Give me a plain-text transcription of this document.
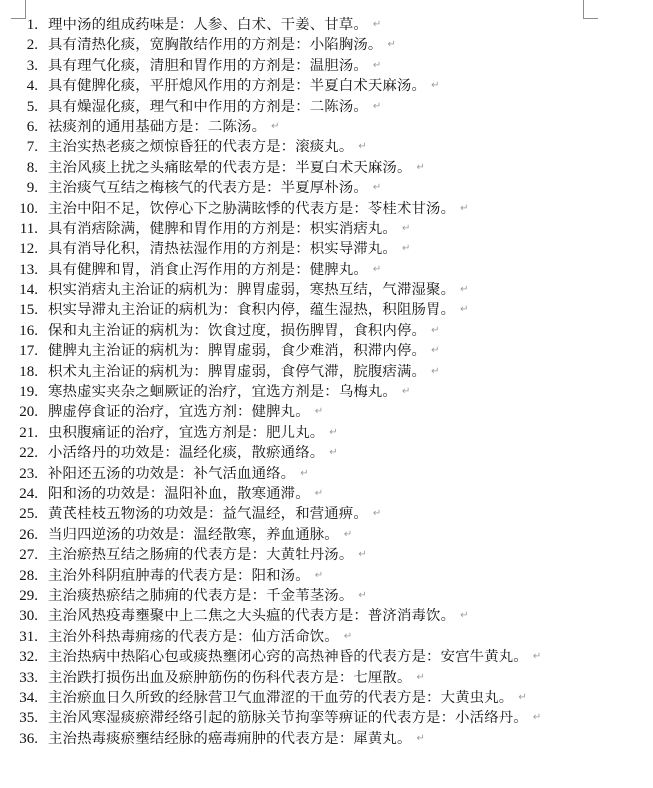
1. 理中汤的组成药味是：人参、白术、干姜、甘草。 ↵
2. 具有清热化痰，宽胸散结作用的方剂是：小陷胸汤。 ↵
3. 具有理气化痰，清胆和胃作用的方剂是：温胆汤。 ↵
4. 具有健脾化痰，平肝熄风作用的方剂是：半夏白术天麻汤。 ↵
5. 具有燥湿化痰，理气和中作用的方剂是：二陈汤。 ↵
6. 祛痰剂的通用基础方是：二陈汤。 ↵
7. 主治实热老痰之烦惊昏狂的代表方是：滚痰丸。 ↵
8. 主治风痰上扰之头痛眩晕的代表方是：半夏白术天麻汤。 ↵
9. 主治痰气互结之梅核气的代表方是：半夏厚朴汤。 ↵
10. 主治中阳不足，饮停心下之胁满眩悸的代表方是：苓桂术甘汤。 ↵
11. 具有消痞除满，健脾和胃作用的方剂是：枳实消痞丸。 ↵
12. 具有消导化积，清热祛湿作用的方剂是：枳实导滞丸。 ↵
13. 具有健脾和胃，消食止泻作用的方剂是：健脾丸。 ↵
14. 枳实消痞丸主治证的病机为：脾胃虚弱，寒热互结，气滞湿聚。 ↵
15. 枳实导滞丸主治证的病机为：食积内停，蕴生湿热，积阻肠胃。 ↵
16. 保和丸主治证的病机为：饮食过度，损伤脾胃，食积内停。 ↵
17. 健脾丸主治证的病机为：脾胃虚弱，食少难消，积滞内停。 ↵
18. 枳术丸主治证的病机为：脾胃虚弱，食停气滞，脘腹痞满。 ↵
19. 寒热虚实夹杂之蛔厥证的治疗，宜选方剂是：乌梅丸。 ↵
20. 脾虚停食证的治疗，宜选方剂：健脾丸。 ↵
21. 虫积腹痛证的治疗，宜选方剂是：肥儿丸。 ↵
22. 小活络丹的功效是：温经化痰，散瘀通络。 ↵
23. 补阳还五汤的功效是：补气活血通络。 ↵
24. 阳和汤的功效是：温阳补血，散寒通滞。 ↵
25. 黄芪桂枝五物汤的功效是：益气温经，和营通痹。 ↵
26. 当归四逆汤的功效是：温经散寒，养血通脉。 ↵
27. 主治瘀热互结之肠痈的代表方是：大黄牡丹汤。 ↵
28. 主治外科阴疽肿毒的代表方是：阳和汤。 ↵
29. 主治痰热瘀结之肺痈的代表方是：千金苇茎汤。 ↵
30. 主治风热疫毒壅聚中上二焦之大头瘟的代表方是：普济消毒饮。 ↵
31. 主治外科热毒痈疡的代表方是：仙方活命饮。 ↵
32. 主治热病中热陷心包或痰热壅闭心窍的高热神昏的代表方是：安宫牛黄丸。 ↵
33. 主治跌打损伤出血及瘀肿筋伤的伤科代表方是：七厘散。 ↵
34. 主治瘀血日久所致的经脉营卫气血滞涩的干血劳的代表方是：大黄虫丸。 ↵
35. 主治风寒湿痰瘀滞经络引起的筋脉关节拘挛等痹证的代表方是：小活络丹。 ↵
36. 主治热毒痰瘀壅结经脉的癌毒痈肿的代表方是：犀黄丸。 ↵
